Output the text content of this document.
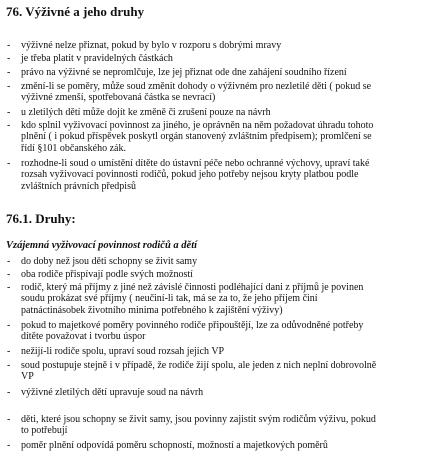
76. Výživné a jeho druhy
-	výživné nelze přiznat, pokud by bylo v rozporu s dobrými mravy
-	je třeba platit v pravidelných částkách
-	právo na výživné se nepromlčuje, lze jej přiznat ode dne zahájení soudního řízení
-	změní-li se poměry, může soud změnit dohody o výživném pro nezletilé děti ( pokud se
výživné zmenší, spotřebovaná částka se nevrací)
-	u zletilých dětí může dojít ke změně či zrušení pouze na návrh
-	kdo splnil vyživovací povinnost za jiného, je oprávněn na něm požadovat úhradu tohoto
plnění ( i pokud příspěvek poskytl orgán stanovený zvláštním předpisem); promlčení se
řídí §101 občanského zák.
-	rozhodne-li soud o umístění dítěte do ústavní péče nebo ochranné výchovy, upraví také
rozsah vyživovací povinnosti rodičů, pokud jeho potřeby nejsou kryty platbou podle
zvláštních právních předpisů
76.1. Druhy:
Vzájemná vyživovací povinnost rodičů a dětí
-	do doby než jsou děti schopny se živit samy
-	oba rodiče přispívají podle svých možností
-	rodič, který má příjmy z jiné než závislé činnosti podléhající dani z příjmů je povinen
soudu prokázat své příjmy ( neučiní-li tak, má se za to, že jeho příjem činí
patnáctinásobek životního minima potřebného k zajištění výživy)
-	pokud to majetkové poměry povinného rodiče připouštějí, lze za odůvodněné potřeby
dítěte považovat i tvorbu úspor
-	nežijí-li rodiče spolu, upraví soud rozsah jejich VP
-	soud postupuje stejně i v případě, že rodiče žijí spolu, ale jeden z nich neplní dobrovolně
VP
-	výživné zletilých dětí upravuje soud na návrh
-	děti, které jsou schopny se živit samy, jsou povinny zajistit svým rodičům výživu, pokud
to potřebují
-	poměr plnění odpovídá poměru schopností, možností a majetkových poměrů
